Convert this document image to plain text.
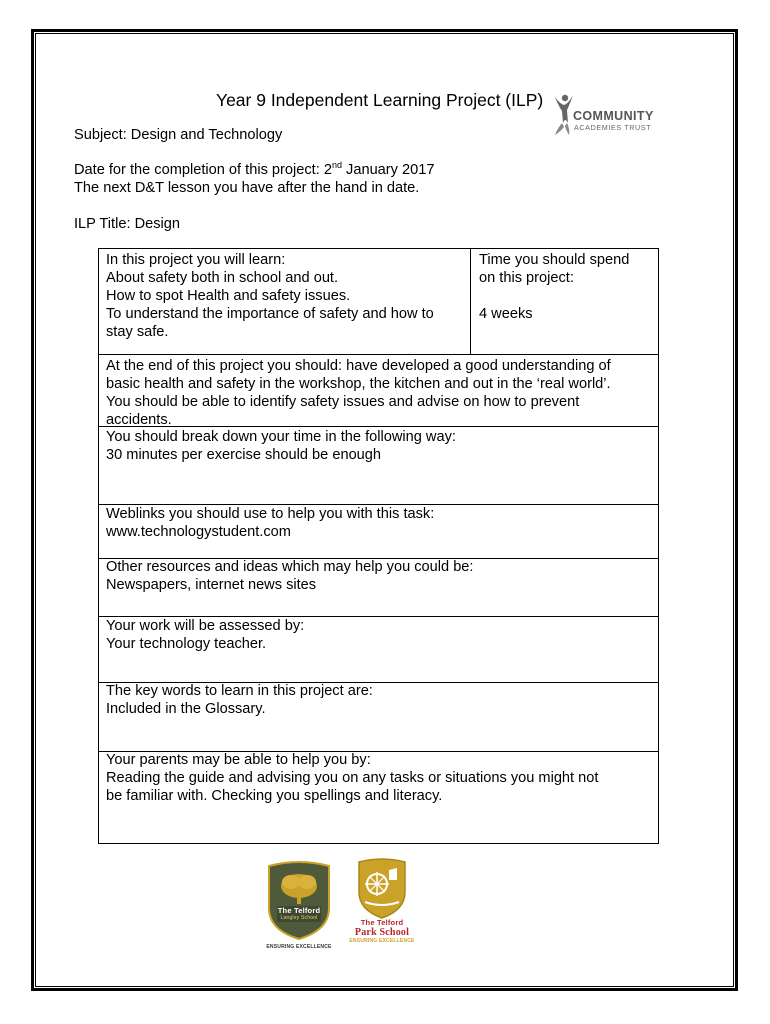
Year 9 Independent Learning Project (ILP)
COMMUNITY
ACADEMIES TRUST
Subject: Design and Technology
Date for the completion of this project: 2nd January 2017
The next D&T lesson you have after the hand in date.
ILP Title: Design
In this project you will learn:
About safety both in school and out.
How to spot Health and safety issues.
To understand the importance of safety and how to
stay safe.
Time you should spend
on this project:
4 weeks
At the end of this project you should: have developed a good understanding of
basic health and safety in the workshop, the kitchen and out in the ‘real world’.
You should be able to identify safety issues and advise on how to prevent
accidents.
You should break down your time in the following way:
30 minutes per exercise should be enough
Weblinks you should use to help you with this task:
www.technologystudent.com
Other resources and ideas which may help you could be:
Newspapers, internet news sites
Your work will be assessed by:
Your technology teacher.
The key words to learn in this project are:
Included in the Glossary.
Your parents may be able to help you by:
Reading the guide and advising you on any tasks or situations you might not
be familiar with. Checking you spellings and literacy.
The Telford
Langley School
ENSURING EXCELLENCE
The Telford
Park School
ENSURING EXCELLENCE
